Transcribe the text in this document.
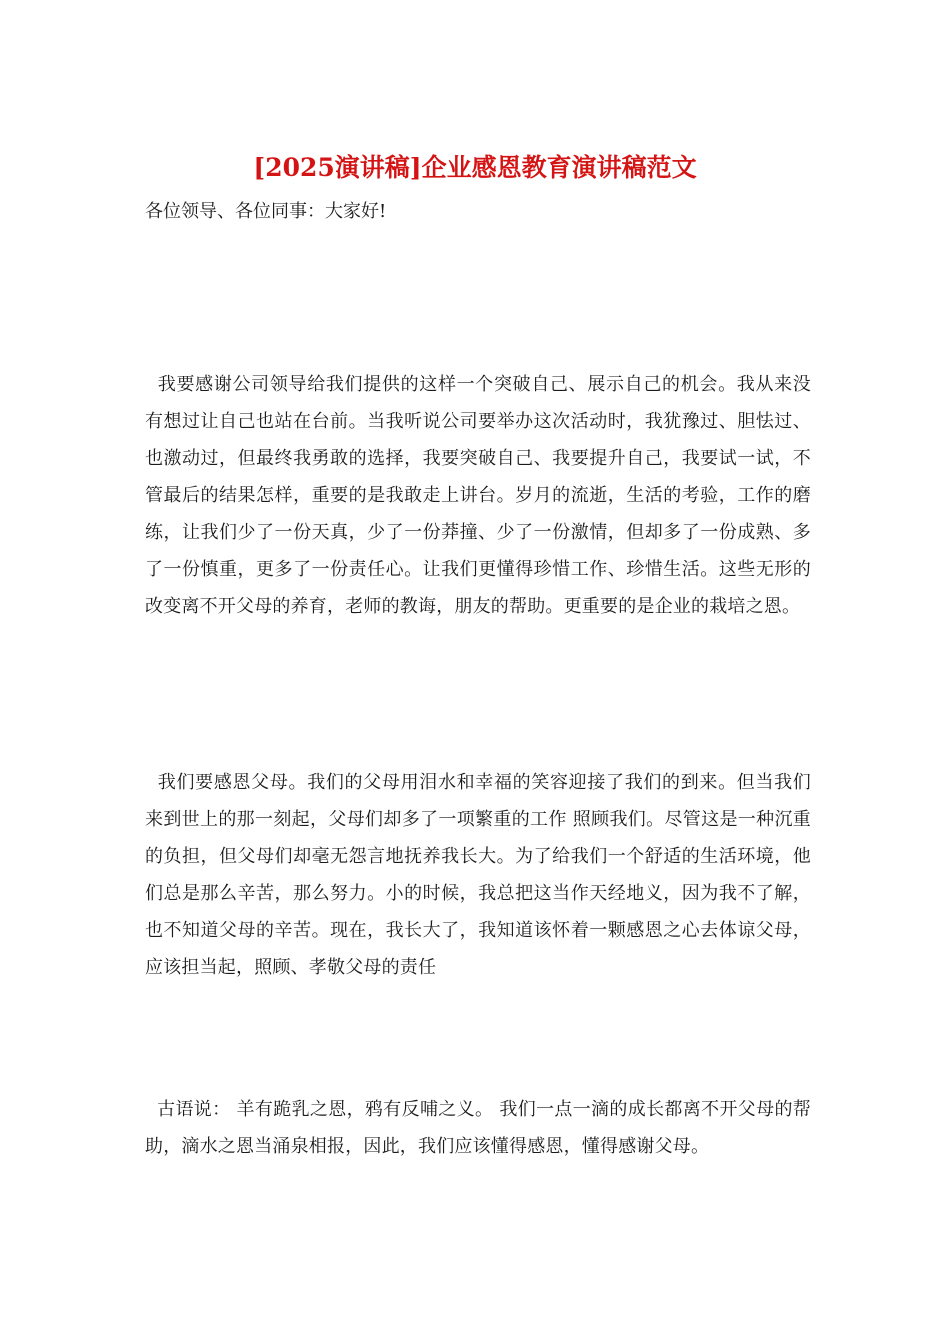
[2025演讲稿]企业感恩教育演讲稿范文
各位领导、各位同事：大家好!

我要感谢公司领导给我们提供的这样一个突破自己、展示自己的机会。我从来没有想过让自己也站在台前。当我听说公司要举办这次活动时，我犹豫过、胆怯过、也激动过，但最终我勇敢的选择，我要突破自己、我要提升自己，我要试一试，不管最后的结果怎样，重要的是我敢走上讲台。岁月的流逝，生活的考验，工作的磨练，让我们少了一份天真，少了一份莽撞、少了一份激情，但却多了一份成熟、多了一份慎重，更多了一份责任心。让我们更懂得珍惜工作、珍惜生活。这些无形的改变离不开父母的养育，老师的教诲，朋友的帮助。更重要的是企业的栽培之恩。

我们要感恩父母。我们的父母用泪水和幸福的笑容迎接了我们的到来。但当我们来到世上的那一刻起，父母们却多了一项繁重的工作 照顾我们。尽管这是一种沉重的负担，但父母们却毫无怨言地抚养我长大。为了给我们一个舒适的生活环境，他们总是那么辛苦，那么努力。小的时候，我总把这当作天经地义，因为我不了解，也不知道父母的辛苦。现在，我长大了，我知道该怀着一颗感恩之心去体谅父母，应该担当起，照顾、孝敬父母的责任

古语说： 羊有跪乳之恩，鸦有反哺之义。 我们一点一滴的成长都离不开父母的帮助，滴水之恩当涌泉相报，因此，我们应该懂得感恩，懂得感谢父母。
